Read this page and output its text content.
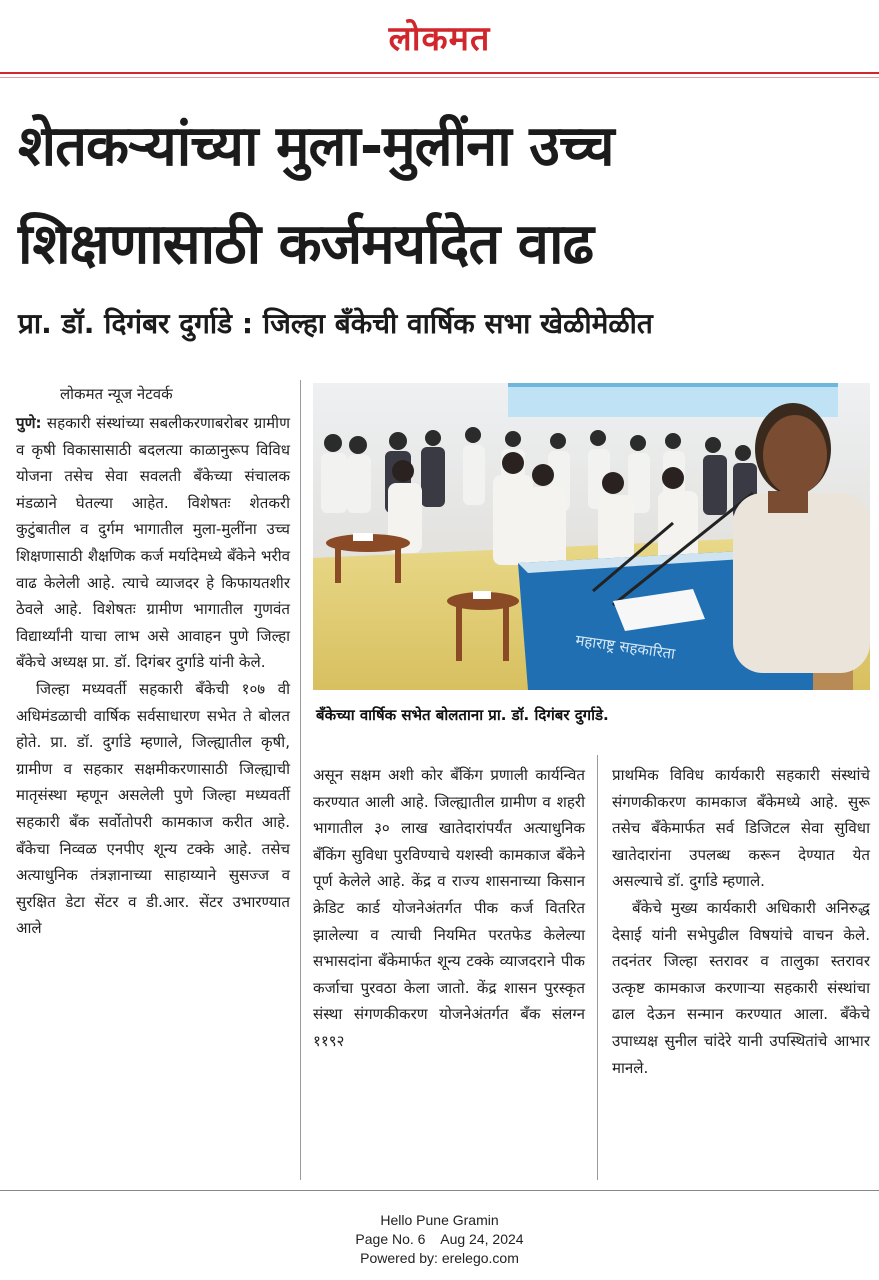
लोकमत
शेतकऱ्यांच्या मुला-मुलींना उच्च
शिक्षणासाठी कर्जमर्यादेत वाढ
प्रा. डॉ. दिगंबर दुर्गाडे : जिल्हा बँकेची वार्षिक सभा खेळीमेळीत
लोकमत न्यूज नेटवर्क

पुणे: सहकारी संस्थांच्या सबलीकरणाबरोबर ग्रामीण व कृषी विकासासाठी बदलत्या काळानुरूप विविध योजना तसेच सेवा सवलती बँकेच्या संचालक मंडळाने घेतल्या आहेत. विशेषतः शेतकरी कुटुंबातील व दुर्गम भागातील मुला-मुलींना उच्च शिक्षणासाठी शैक्षणिक कर्ज मर्यादेमध्ये बँकेने भरीव वाढ केलेली आहे. त्याचे व्याजदर हे किफायतशीर ठेवले आहे. विशेषतः ग्रामीण भागातील गुणवंत विद्यार्थ्यांनी याचा लाभ असे आवाहन पुणे जिल्हा बँकेचे अध्यक्ष प्रा. डॉ. दिगंबर दुर्गाडे यांनी केले.

जिल्हा मध्यवर्ती सहकारी बँकेची १०७ वी अधिमंडळाची वार्षिक सर्वसाधारण सभेत ते बोलत होते. प्रा. डॉ. दुर्गाडे म्हणाले, जिल्ह्यातील कृषी, ग्रामीण व सहकार सक्षमीकरणासाठी जिल्ह्याची मातृसंस्था म्हणून असलेली पुणे जिल्हा मध्यवर्ती सहकारी बँक सर्वोतोपरी कामकाज करीत आहे. बँकेचा निव्वळ एनपीए शून्य टक्के आहे. तसेच अत्याधुनिक तंत्रज्ञानाच्या साहाय्याने सुसज्ज व सुरक्षित डेटा सेंटर व डी.आर. सेंटर उभारण्यात आले

महाराष्ट्र सहकारिता
बँकेच्या वार्षिक सभेत बोलताना प्रा. डॉ. दिगंबर दुर्गाडे.

असून सक्षम अशी कोर बँकिंग प्रणाली कार्यन्वित करण्यात आली आहे. जिल्ह्यातील ग्रामीण व शहरी भागातील ३० लाख खातेदारांपर्यंत अत्याधुनिक बँकिंग सुविधा पुरविण्याचे यशस्वी कामकाज बँकेने पूर्ण केलेले आहे. केंद्र व राज्य शासनाच्या किसान क्रेडिट कार्ड योजनेअंतर्गत पीक कर्ज वितरित झालेल्या व त्याची नियमित परतफेड केलेल्या सभासदांना बँकेमार्फत शून्य टक्के व्याजदराने पीक कर्जाचा पुरवठा केला जातो. केंद्र शासन पुरस्कृत संस्था संगणकीकरण योजनेअंतर्गत बँक संलग्न ११९२

प्राथमिक विविध कार्यकारी सहकारी संस्थांचे संगणकीकरण कामकाज बँकेमध्ये आहे. सुरू तसेच बँकेमार्फत सर्व डिजिटल सेवा सुविधा खातेदारांना उपलब्ध करून देण्यात येत असल्याचे डॉ. दुर्गाडे म्हणाले.

बँकेचे मुख्य कार्यकारी अधिकारी अनिरुद्ध देसाई यांनी सभेपुढील विषयांचे वाचन केले. तदनंतर जिल्हा स्तरावर व तालुका स्तरावर उत्कृष्ट कामकाज करणाऱ्या सहकारी संस्थांचा ढाल देऊन सन्मान करण्यात आला. बँकेचे उपाध्यक्ष सुनील चांदेरे यानी उपस्थितांचे आभार मानले.

Hello Pune Gramin
Page No. 6    Aug 24, 2024
Powered by: erelego.com
